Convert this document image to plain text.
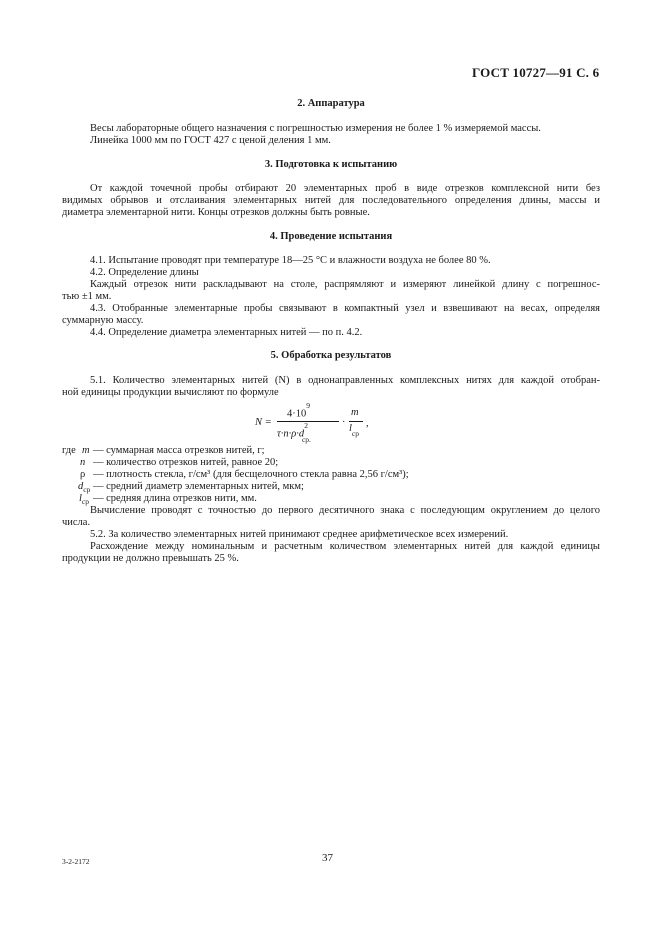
ГОСТ 10727—91 С. 6
2. Аппаратура
Весы лабораторные общего назначения с погрешностью измерения не более 1 % измеряемой массы.
Линейка 1000 мм по ГОСТ 427 с ценой деления 1 мм.
3. Подготовка к испытанию
От каждой точечной пробы отбирают 20 элементарных проб в виде отрезков комплексной нити без
видимых обрывов и отслаивания элементарных нитей для последовательного определения длины, массы и
диаметра элементарной нити. Концы отрезков должны быть ровные.
4. Проведение испытания
4.1. Испытание проводят при температуре 18—25 °С и влажности воздуха не более 80 %.
4.2. Определение длины
Каждый отрезок нити раскладывают на столе, распрямляют и измеряют линейкой длину с погрешнос-
тью ±1 мм.
4.3. Отобранные элементарные пробы связывают в компактный узел и взвешивают на весах, определяя
суммарную массу.
4.4. Определение диаметра элементарных нитей — по п. 4.2.
5. Обработка результатов
5.1. Количество элементарных нитей (N) в однонаправленных комплексных нитях для каждой отобран-
ной единицы продукции вычисляют по формуле
N =
$4\cdot 10^9$
$\tau\cdot n\cdot\rho\cdot d^2_{ср.}$
·
m
$l_{ср}$
,
где m — суммарная масса отрезков нитей, г;
n — количество отрезков нитей, равное 20;
ρ — плотность стекла, г/см³ (для бесщелочного стекла равна 2,56 г/см³);
$d_{ср}$ — средний диаметр элементарных нитей, мкм;
$l_{ср}$ — средняя длина отрезков нити, мм.
Вычисление проводят с точностью до первого десятичного знака с последующим округлением до целого
числа.
5.2. За количество элементарных нитей принимают среднее арифметическое всех измерений.
Расхождение между номинальным и расчетным количеством элементарных нитей для каждой единицы
продукции не должно превышать 25 %.
3-2-2172	37
